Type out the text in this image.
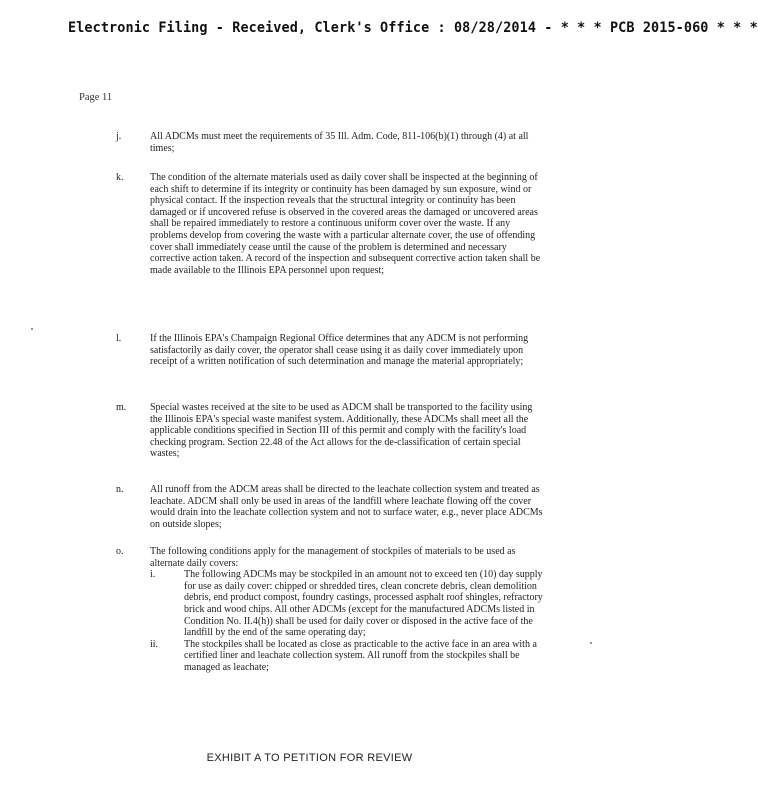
Electronic Filing - Received, Clerk's Office : 08/28/2014 - * * * PCB 2015-060 * * *
Page 11
j.	All ADCMs must meet the requirements of 35 Ill. Adm. Code, 811-106(b)(1) through (4) at all times;
k.	The condition of the alternate materials used as daily cover shall be inspected at the beginning of each shift to determine if its integrity or continuity has been damaged by sun exposure, wind or physical contact. If the inspection reveals that the structural integrity or continuity has been damaged or if uncovered refuse is observed in the covered areas the damaged or uncovered areas shall be repaired immediately to restore a continuous uniform cover over the waste. If any problems develop from covering the waste with a particular alternate cover, the use of offending cover shall immediately cease until the cause of the problem is determined and necessary corrective action taken. A record of the inspection and subsequent corrective action taken shall be made available to the Illinois EPA personnel upon request;
l.	If the Illinois EPA's Champaign Regional Office determines that any ADCM is not performing satisfactorily as daily cover, the operator shall cease using it as daily cover immediately upon receipt of a written notification of such determination and manage the material appropriately;
m. Special wastes received at the site to be used as ADCM shall be transported to the facility using the Illinois EPA's special waste manifest system. Additionally, these ADCMs shall meet all the applicable conditions specified in Section III of this permit and comply with the facility's load checking program. Section 22.48 of the Act allows for the de-classification of certain special wastes;
n.	All runoff from the ADCM areas shall be directed to the leachate collection system and treated as leachate. ADCM shall only be used in areas of the landfill where leachate flowing off the cover would drain into the leachate collection system and not to surface water, e.g., never place ADCMs on outside slopes;
o.	The following conditions apply for the management of stockpiles of materials to be used as alternate daily covers:
i.	The following ADCMs may be stockpiled in an amount not to exceed ten (10) day supply for use as daily cover: chipped or shredded tires, clean concrete debris, clean demolition debris, end product compost, foundry castings, processed asphalt roof shingles, refractory brick and wood chips. All other ADCMs (except for the manufactured ADCMs listed in Condition No. II.4(h)) shall be used for daily cover or disposed in the active face of the landfill by the end of the same operating day;
ii.	The stockpiles shall be located as close as practicable to the active face in an area with a certified liner and leachate collection system. All runoff from the stockpiles shall be managed as leachate;
EXHIBIT A TO PETITION FOR REVIEW
